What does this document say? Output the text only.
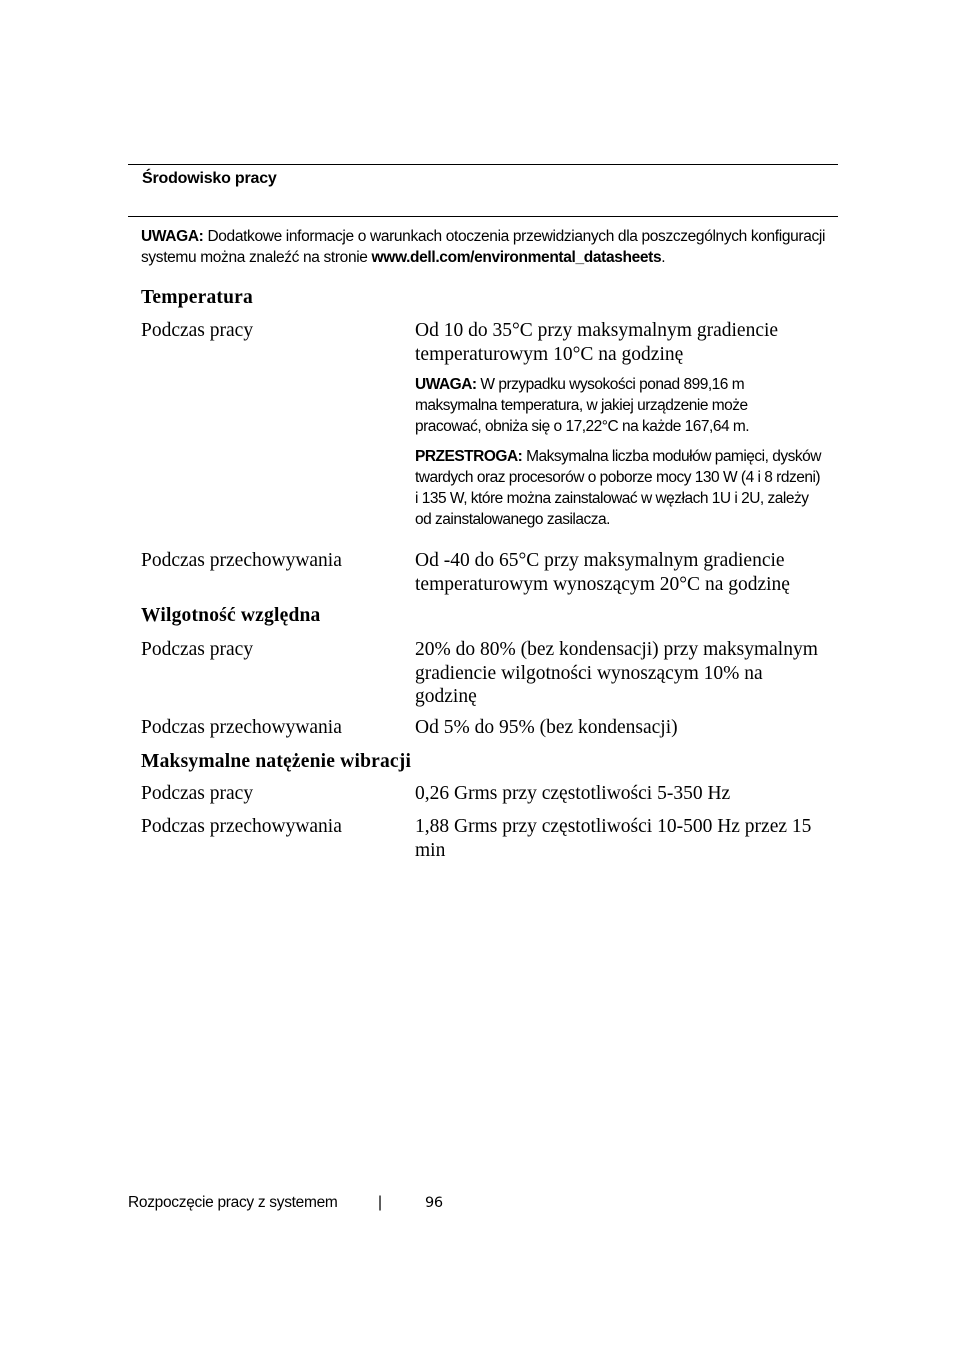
Środowisko pracy
UWAGA: Dodatkowe informacje o warunkach otoczenia przewidzianych dla poszczególnych konfiguracji systemu można znaleźć na stronie www.dell.com/environmental_datasheets.
Temperatura
Podczas pracy	Od 10 do 35°C przy maksymalnym gradiencie temperaturowym 10°C na godzinę
UWAGA: W przypadku wysokości ponad 899,16 m maksymalna temperatura, w jakiej urządzenie może pracować, obniża się o 17,22°C na każde 167,64 m.
PRZESTROGA: Maksymalna liczba modułów pamięci, dysków twardych oraz procesorów o poborze mocy 130 W (4 i 8 rdzeni) i 135 W, które można zainstalować w węzłach 1U i 2U, zależy od zainstalowanego zasilacza.
Podczas przechowywania	Od -40 do 65°C przy maksymalnym gradiencie temperaturowym wynoszącym 20°C na godzinę
Wilgotność względna
Podczas pracy	20% do 80% (bez kondensacji) przy maksymalnym gradiencie wilgotności wynoszącym 10% na godzinę
Podczas przechowywania	Od 5% do 95% (bez kondensacji)
Maksymalne natężenie wibracji
Podczas pracy	0,26 Grms przy częstotliwości 5-350 Hz
Podczas przechowywania	1,88 Grms przy częstotliwości 10-500 Hz przez 15 min
Rozpoczęcie pracy z systemem	|	96
